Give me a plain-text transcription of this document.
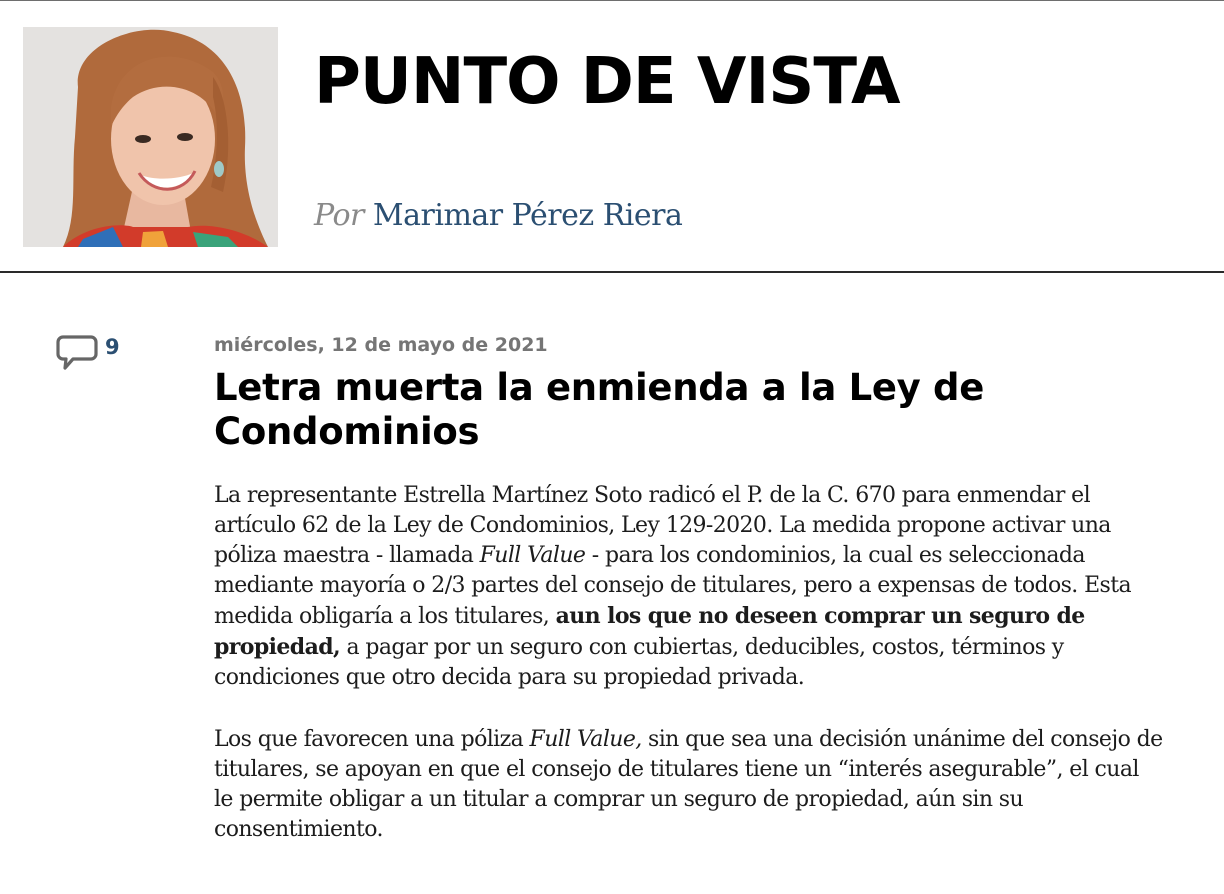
PUNTO DE VISTA
Por Marimar Pérez Riera
9	miércoles, 12 de mayo de 2021
Letra muerta la enmienda a la Ley de Condominios

La representante Estrella Martínez Soto radicó el P. de la C. 670 para enmendar el artículo 62 de la Ley de Condominios, Ley 129-2020. La medida propone activar una póliza maestra - llamada Full Value - para los condominios, la cual es seleccionada mediante mayoría o 2/3 partes del consejo de titulares, pero a expensas de todos. Esta medida obligaría a los titulares, aun los que no deseen comprar un seguro de propiedad, a pagar por un seguro con cubiertas, deducibles, costos, términos y condiciones que otro decida para su propiedad privada.

Los que favorecen una póliza Full Value, sin que sea una decisión unánime del consejo de titulares, se apoyan en que el consejo de titulares tiene un “interés asegurable”, el cual le permite obligar a un titular a comprar un seguro de propiedad, aún sin su consentimiento.
